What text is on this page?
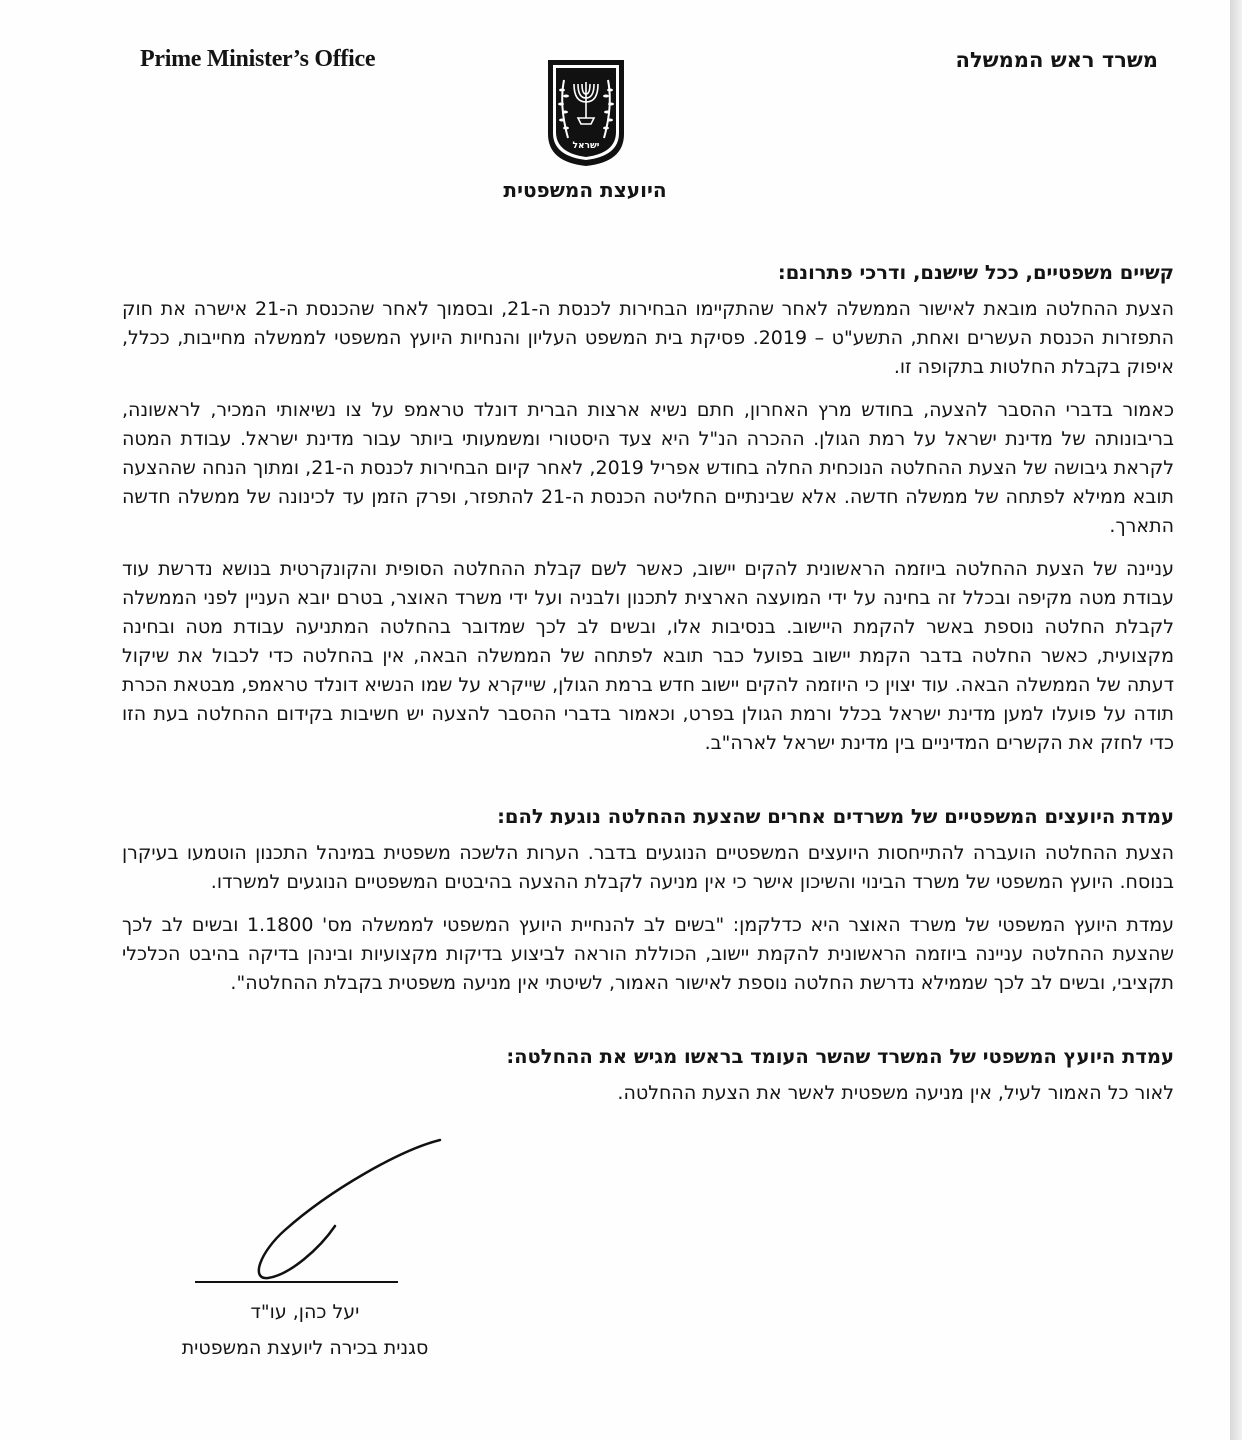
Prime Minister’s Office	משרד ראש הממשלה
ישראל
היועצת המשפטית
קשיים משפטיים, ככל שישנם, ודרכי פתרונם:

הצעת ההחלטה מובאת לאישור הממשלה לאחר שהתקיימו הבחירות לכנסת ה-21, ובסמוך לאחר שהכנסת ה-21 אישרה את חוק התפזרות הכנסת העשרים ואחת, התשע"ט – 2019. פסיקת בית המשפט העליון והנחיות היועץ המשפטי לממשלה מחייבות, ככלל, איפוק בקבלת החלטות בתקופה זו.

כאמור בדברי ההסבר להצעה, בחודש מרץ האחרון, חתם נשיא ארצות הברית דונלד טראמפ על צו נשיאותי המכיר, לראשונה, בריבונותה של מדינת ישראל על רמת הגולן. ההכרה הנ"ל היא צעד היסטורי ומשמעותי ביותר עבור מדינת ישראל. עבודת המטה לקראת גיבושה של הצעת ההחלטה הנוכחית החלה בחודש אפריל 2019, לאחר קיום הבחירות לכנסת ה-21, ומתוך הנחה שההצעה תובא ממילא לפתחה של ממשלה חדשה. אלא שבינתיים החליטה הכנסת ה-21 להתפזר, ופרק הזמן עד לכינונה של ממשלה חדשה התארך.

עניינה של הצעת ההחלטה ביוזמה הראשונית להקים יישוב, כאשר לשם קבלת ההחלטה הסופית והקונקרטית בנושא נדרשת עוד עבודת מטה מקיפה ובכלל זה בחינה על ידי המועצה הארצית לתכנון ולבניה ועל ידי משרד האוצר, בטרם יובא העניין לפני הממשלה לקבלת החלטה נוספת באשר להקמת היישוב. בנסיבות אלו, ובשים לב לכך שמדובר בהחלטה המתניעה עבודת מטה ובחינה מקצועית, כאשר החלטה בדבר הקמת יישוב בפועל כבר תובא לפתחה של הממשלה הבאה, אין בהחלטה כדי לכבול את שיקול דעתה של הממשלה הבאה. עוד יצוין כי היוזמה להקים יישוב חדש ברמת הגולן, שייקרא על שמו הנשיא דונלד טראמפ, מבטאת הכרת תודה על פועלו למען מדינת ישראל בכלל ורמת הגולן בפרט, וכאמור בדברי ההסבר להצעה יש חשיבות בקידום ההחלטה בעת הזו כדי לחזק את הקשרים המדיניים בין מדינת ישראל לארה"ב.

עמדת היועצים המשפטיים של משרדים אחרים שהצעת ההחלטה נוגעת להם:

הצעת ההחלטה הועברה להתייחסות היועצים המשפטיים הנוגעים בדבר. הערות הלשכה משפטית במינהל התכנון הוטמעו בעיקרן בנוסח. היועץ המשפטי של משרד הבינוי והשיכון אישר כי אין מניעה לקבלת ההצעה בהיבטים המשפטיים הנוגעים למשרדו.

עמדת היועץ המשפטי של משרד האוצר היא כדלקמן: "בשים לב להנחיית היועץ המשפטי לממשלה מס' 1.1800 ובשים לב לכך שהצעת ההחלטה עניינה ביוזמה הראשונית להקמת יישוב, הכוללת הוראה לביצוע בדיקות מקצועיות ובינהן בדיקה בהיבט הכלכלי תקציבי, ובשים לב לכך שממילא נדרשת החלטה נוספת לאישור האמור, לשיטתי אין מניעה משפטית בקבלת ההחלטה".

עמדת היועץ המשפטי של המשרד שהשר העומד בראשו מגיש את ההחלטה:

לאור כל האמור לעיל, אין מניעה משפטית לאשר את הצעת ההחלטה.

יעל כהן, עו"ד
סגנית בכירה ליועצת המשפטית
